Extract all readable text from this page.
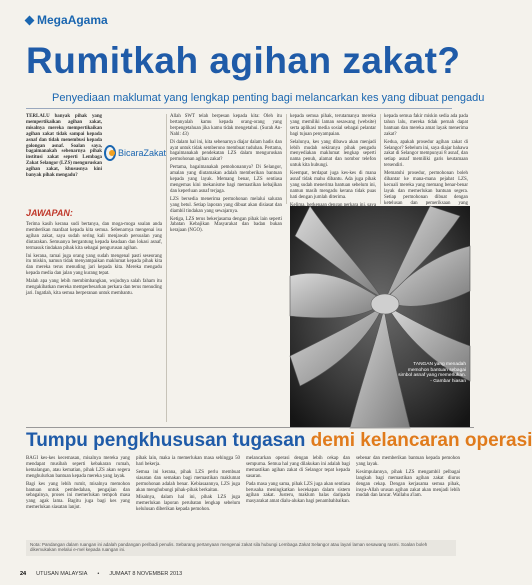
MegaAgama
Rumitkah agihan zakat?
Penyediaan maklumat yang lengkap penting bagi melancarkan kes yang dibuat pengadu

TERLALU banyak pihak yang mempertikaikan agihan zakat, misalnya mereka mempertikaikan agihan zakat tidak sampai kepada asnaf dan tidak menembusi kepada golongan asnaf. Soalan saya, bagaimanakah sebenarnya pihak institusi zakat seperti Lembaga Zakat Selangor (LZS) menguruskan agihan zakat, khususnya kini banyak pihak mengadu?

BicaraZakat
JAWAPAN:

Terima kasih kerana sudi bertanya, dan moga-moga soalan anda memberikan manfaat kepada kita semua. Sebenarnya mengenai isu agihan zakat, saya sudah sering kali menjawab persoalan yang diutarakan. Semuanya bergantung kepada keadaan dan lokasi asnaf, termasuk tindakan pihak kita sebagai pengurusan agihan.

Ini kerana, ramai juga orang yang sudah mengenal pasti seseorang itu miskin, namun tidak menyampaikan maklumat kepada pihak kita dan mereka terus menuding jari kepada kita. Mereka mengadu kepada media dan jalan yang kurang tepat.

Malah apa yang lebih membimbangkan, wujudnya salah faham itu mengakibatkan mereka memperbesarkan perkara dan terus menuding jari. Ingatlah, kita semua berperanan untuk membantu.

Allah SWT telah berpesan kepada kita: Oleh itu bertanyalah kamu kepada orang-orang yang berpengetahuan jika kamu tidak mengetahui. (Surah An-Nahl: 43)

Di dalam hal ini, kita sebenarnya diajar dalam hadis dan ayat untuk tidak semberono membuat tuduhan. Pertama, bagaimanakah pendekatan LZS dalam menguruskan permohonan agihan zakat?

Pertama, bagaimanakah pemohonannya? Di Selangor, amalan yang diutamakan adalah memberikan bantuan kepada yang layak. Memang benar, LZS sentiasa mengemas kini mekanisme bagi memastikan kebajikan dan keperluan asnaf terjaga.

LZS bersedia menerima permohonan melalui saluran yang betul. Setiap laporan yang dibuat akan disiasat dan diambil tindakan yang sewajarnya.

Ketiga, LZS terus bekerjasama dengan pihak lain seperti Jabatan Kebajikan Masyarakat dan badan bukan kerajaan (NGO).

kepada semua pihak, terutamanya mereka yang memiliki laman sesawang (website) serta aplikasi media sosial sebagai pelantar bagi tujuan penyampaian.

Selalunya, kes yang dibawa akan menjadi lebih mudah sekiranya pihak pengadu menyediakan maklumat lengkap seperti nama penuh, alamat dan nombor telefon untuk kita hubungi.

Keempat, terdapat juga kes-kes di mana asnaf tidak mahu dibantu. Ada juga pihak yang sudah menerima bantuan sebelum ini, namun masih mengadu kerana tidak puas hati dengan jumlah diterima.

kepada semua fakir miskin sedia ada pada tahun lalu, mereka tidak pernah dapat bantuan dan mereka amat layak menerima zakat?

Kedua, apakah prosedur agihan zakat di Selangor? Sebelum ini, saya diajar bahawa zakat di Selangor mempunyai 8 asnaf, dan setiap asnaf memiliki garis keutamaan tersendiri.

Mematuhi prosedur, permohonan boleh dihantar ke mana-mana pejabat LZS, kecuali mereka yang memang benar-benar layak dan memerlukan bantuan segera. Setiap permohonan dibuat dengan ketelusan dan pemeriksaan yang

TANGAN yang menadah memohon bantuan sebagai simbol asnaf yang memerlukan. - Gambar hiasan
Tumpu pengkhususan tugasan demi kelancaran operasi

BAGI kes-kes kecemasan, misalnya mereka yang mendapat musibah seperti kebakaran rumah, kemalangan, atau kematian, pihak LZS akan segera menghulurkan bantuan kepada mereka yang layak.

Bagi kes yang lebih rumit, misalnya memohon bantuan untuk pembedahan, pengajian dan sebagainya, proses ini memerlukan tempoh masa yang agak lama. Bagitu juga bagi kes yang memerlukan siasatan lanjut.

pihak lain, maka ia memerlukan masa sehingga 50 hari bekerja.

Semua ini kerana, pihak LZS perlu membuat siasatan dan semakan bagi memastikan maklumat permohonan adalah benar. Kebiasaannya, LZS juga akan menghubungi pihak-pihak berkaitan.

Misalnya, dalam hal ini, pihak LZS juga memerlukan laporan perubatan lengkap sebelum kelulusan diberikan kepada pemohon.

melancarkan operasi dengan lebih cekap dan sempurna. Semua hal yang dilakukan ini adalah bagi memastikan agihan zakat di Selangor tepat kepada sasaran.

Pada masa yang sama, pihak LZS juga akan sentiasa berusaha meningkatkan kecekapan dalam sistem agihan zakat. Justeru, maklum balas daripada masyarakat amat dialu-alukan bagi penambahbaikan.

sebenar dan memberikan bantuan kepada pemohon yang layak.

Kesimpulannya, pihak LZS mengambil pelbagai langkah bagi memastikan agihan zakat diurus dengan cekap. Dengan kerjasama semua pihak, insya-Allah urusan agihan zakat akan menjadi lebih mudah dan lancar. Wallahu a'lam.

Nota: Pandangan dalam ruangan ini adalah pandangan peribadi penulis. Sebarang pertanyaan mengenai zakat sila hubungi Lembaga Zakat Selangor atau layari laman sesawang rasmi. Soalan boleh dikemukakan melalui e-mel kepada ruangan ini.
24 UTUSAN MALAYSIA • JUMAAT 8 NOVEMBER 2013
